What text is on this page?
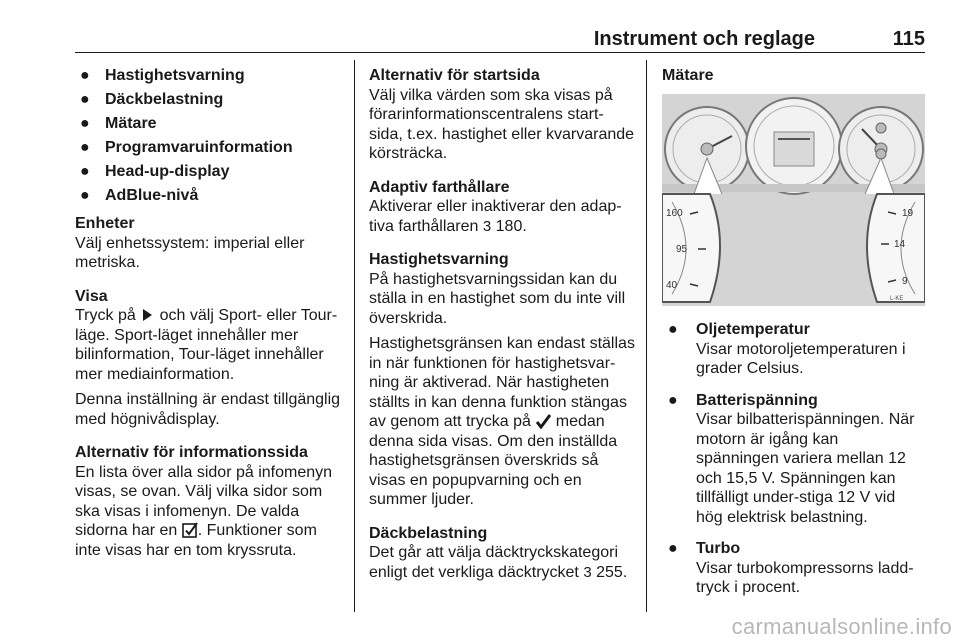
Instrument och reglage	115
● Hastighetsvarning
● Däckbelastning
● Mätare
● Programvaruinformation
● Head-up-display
● AdBlue-nivå

Enheter

Välj enhetssystem: imperial eller metriska.

Visa

Tryck på och välj Sport- eller Tour-läge. Sport-läget innehåller mer bilinformation, Tour-läget innehåller mer mediainformation.

Denna inställning är endast tillgänglig med högnivådisplay.

Alternativ för informationssida

En lista över alla sidor på infomenyn visas, se ovan. Välj vilka sidor som ska visas i infomenyn. De valda sidorna har en . Funktioner som inte visas har en tom kryssruta.

Alternativ för startsida

Välj vilka värden som ska visas på förarinformationscentralens start-sida, t.ex. hastighet eller kvarvarande körsträcka.

Adaptiv farthållare

Aktiverar eller inaktiverar den adap-tiva farthållaren 3 180.

Hastighetsvarning

På hastighetsvarningssidan kan du ställa in en hastighet som du inte vill överskrida.

Hastighetsgränsen kan endast ställas in när funktionen för hastighetsvar-ning är aktiverad. När hastigheten ställts in kan denna funktion stängas av genom att trycka på medan denna sida visas. Om den inställda hastighetsgränsen överskrids så visas en popupvarning och en summer ljuder.

Däckbelastning

Det går att välja däcktryckskategori enligt det verkliga däcktrycket 3 255.

Mätare

160
95
40
19
14
9
L-KE
● Oljetemperatur

Visar motoroljetemperaturen i grader Celsius.

● Batterispänning

Visar bilbatterispänningen. När motorn är igång kan spänningen variera mellan 12 och 15,5 V. Spänningen kan tillfälligt under-stiga 12 V vid hög elektrisk belastning.

● Turbo

Visar turbokompressorns ladd-tryck i procent.

carmanualsonline.info
